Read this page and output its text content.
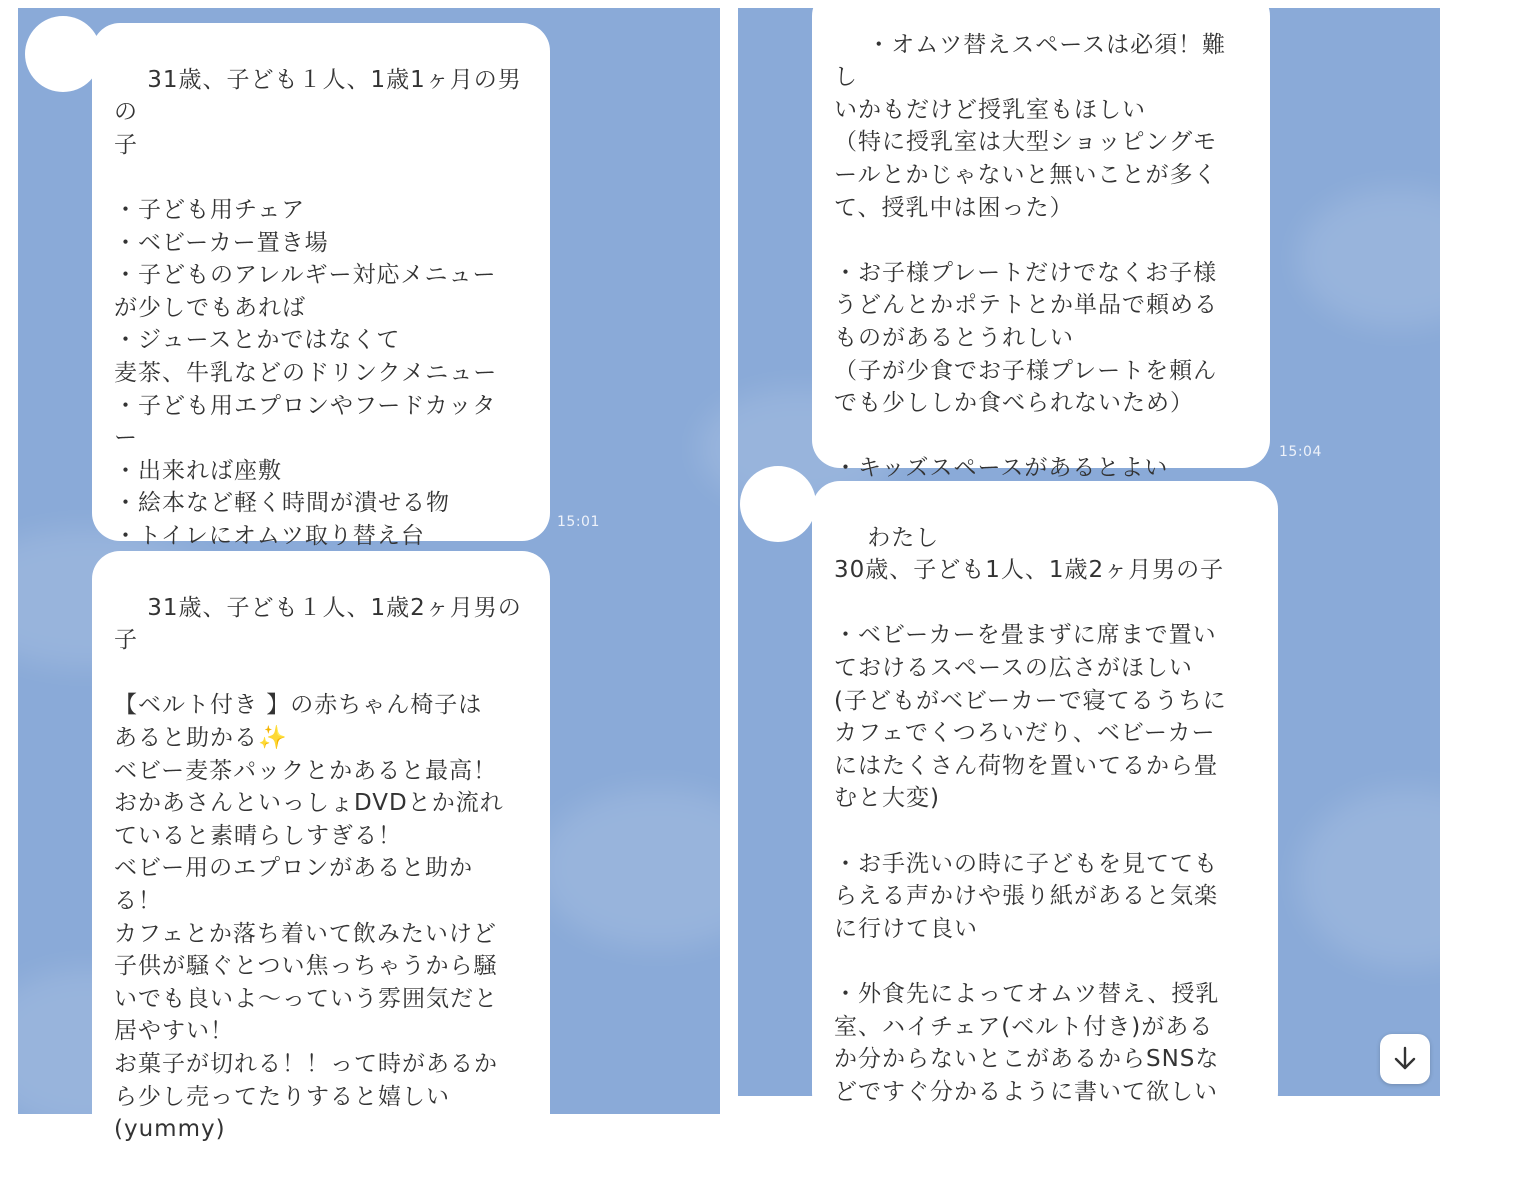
31歳、子ども１人、1歳1ヶ月の男の
子

・子ども用チェア
・ベビーカー置き場
・子どものアレルギー対応メニュー
が少しでもあれば
・ジュースとかではなくて
麦茶、牛乳などのドリンクメニュー
・子ども用エプロンやフードカッタ
ー
・出来れば座敷
・絵本など軽く時間が潰せる物
・トイレにオムツ取り替え台

15:01

31歳、子ども１人、1歳2ヶ月男の子

【ベルト付き 】の赤ちゃん椅子は
あると助かる✨
ベビー麦茶パックとかあると最高！
おかあさんといっしょDVDとか流れ
ていると素晴らしすぎる！
ベビー用のエプロンがあると助か
る！
カフェとか落ち着いて飲みたいけど
子供が騒ぐとつい焦っちゃうから騒
いでも良いよ〜っていう雰囲気だと
居やすい！
お菓子が切れる！！って時があるか
ら少し売ってたりすると嬉しい
(yummy)

・オムツ替えスペースは必須！難し
いかもだけど授乳室もほしい
（特に授乳室は大型ショッピングモ
ールとかじゃないと無いことが多く
て、授乳中は困った）

・お子様プレートだけでなくお子様
うどんとかポテトとか単品で頼める
ものがあるとうれしい
（子が少食でお子様プレートを頼ん
でも少ししか食べられないため）

・キッズスペースがあるとよい

15:04

わたし
30歳、子ども1人、1歳2ヶ月男の子

・ベビーカーを畳まずに席まで置い
ておけるスペースの広さがほしい
(子どもがベビーカーで寝てるうちに
カフェでくつろいだり、ベビーカー
にはたくさん荷物を置いてるから畳
むと大変)

・お手洗いの時に子どもを見てても
らえる声かけや張り紙があると気楽
に行けて良い

・外食先によってオムツ替え、授乳
室、ハイチェア(ベルト付き)がある
か分からないとこがあるからSNSな
どですぐ分かるように書いて欲しい
